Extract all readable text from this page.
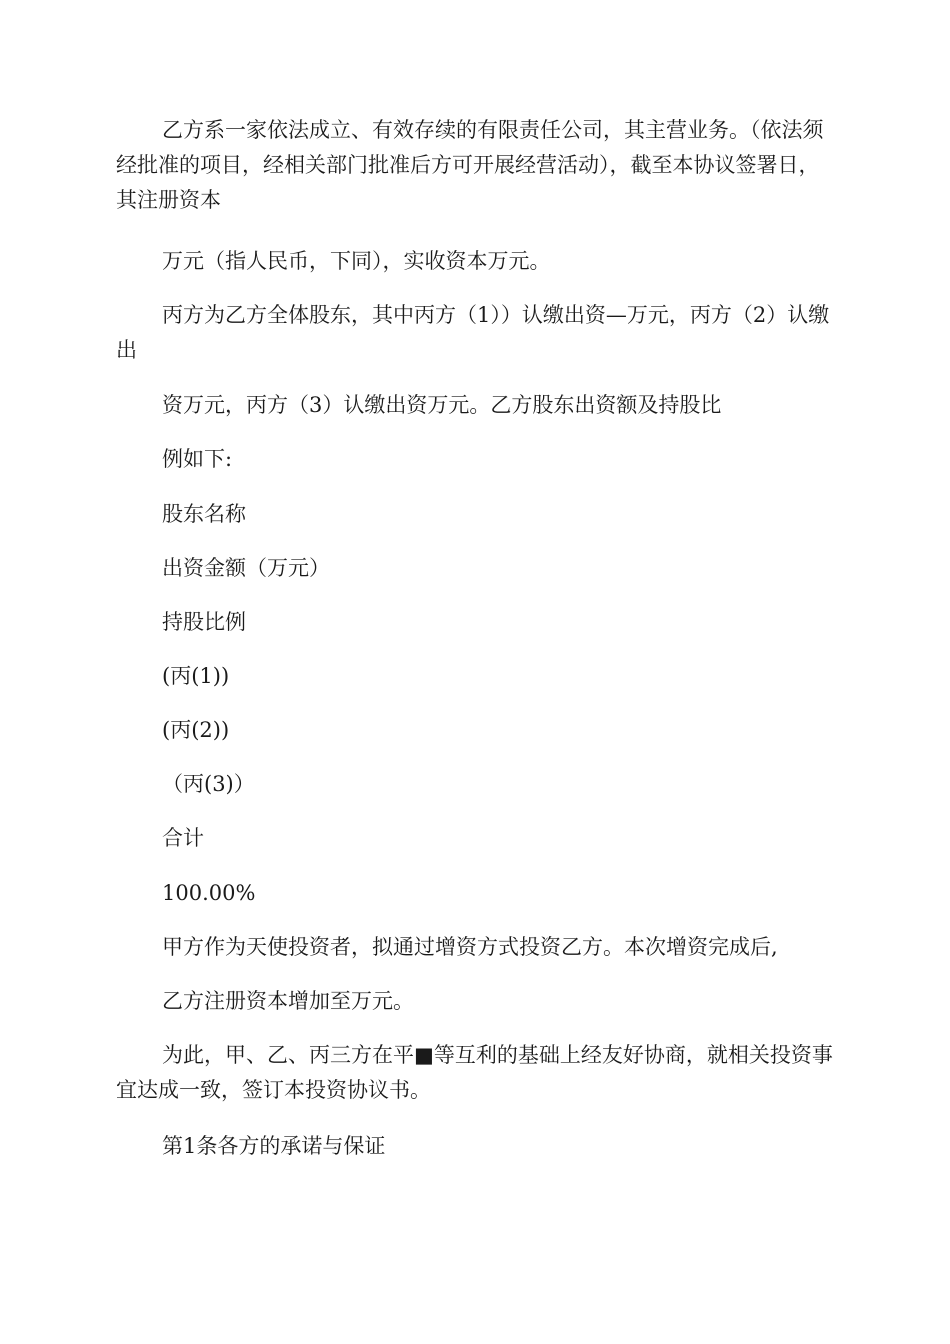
乙方系一家依法成立、有效存续的有限责任公司，其主营业务。（依法须经批准的项目，经相关部门批准后方可开展经营活动），截至本协议签署日，其注册资本

万元（指人民币，下同），实收资本万元。

丙方为乙方全体股东，其中丙方（1））认缴出资—万元，丙方（2）认缴出

资万元，丙方（3）认缴出资万元。乙方股东出资额及持股比

例如下:

股东名称

出资金额（万元）

持股比例

(丙(1))

(丙(2))

（丙(3)）

合计

100.00%

甲方作为天使投资者，拟通过增资方式投资乙方。本次增资完成后,

乙方注册资本增加至万元。

为此，甲、乙、丙三方在平■等互利的基础上经友好协商，就相关投资事宜达成一致，签订本投资协议书。

第1条各方的承诺与保证
